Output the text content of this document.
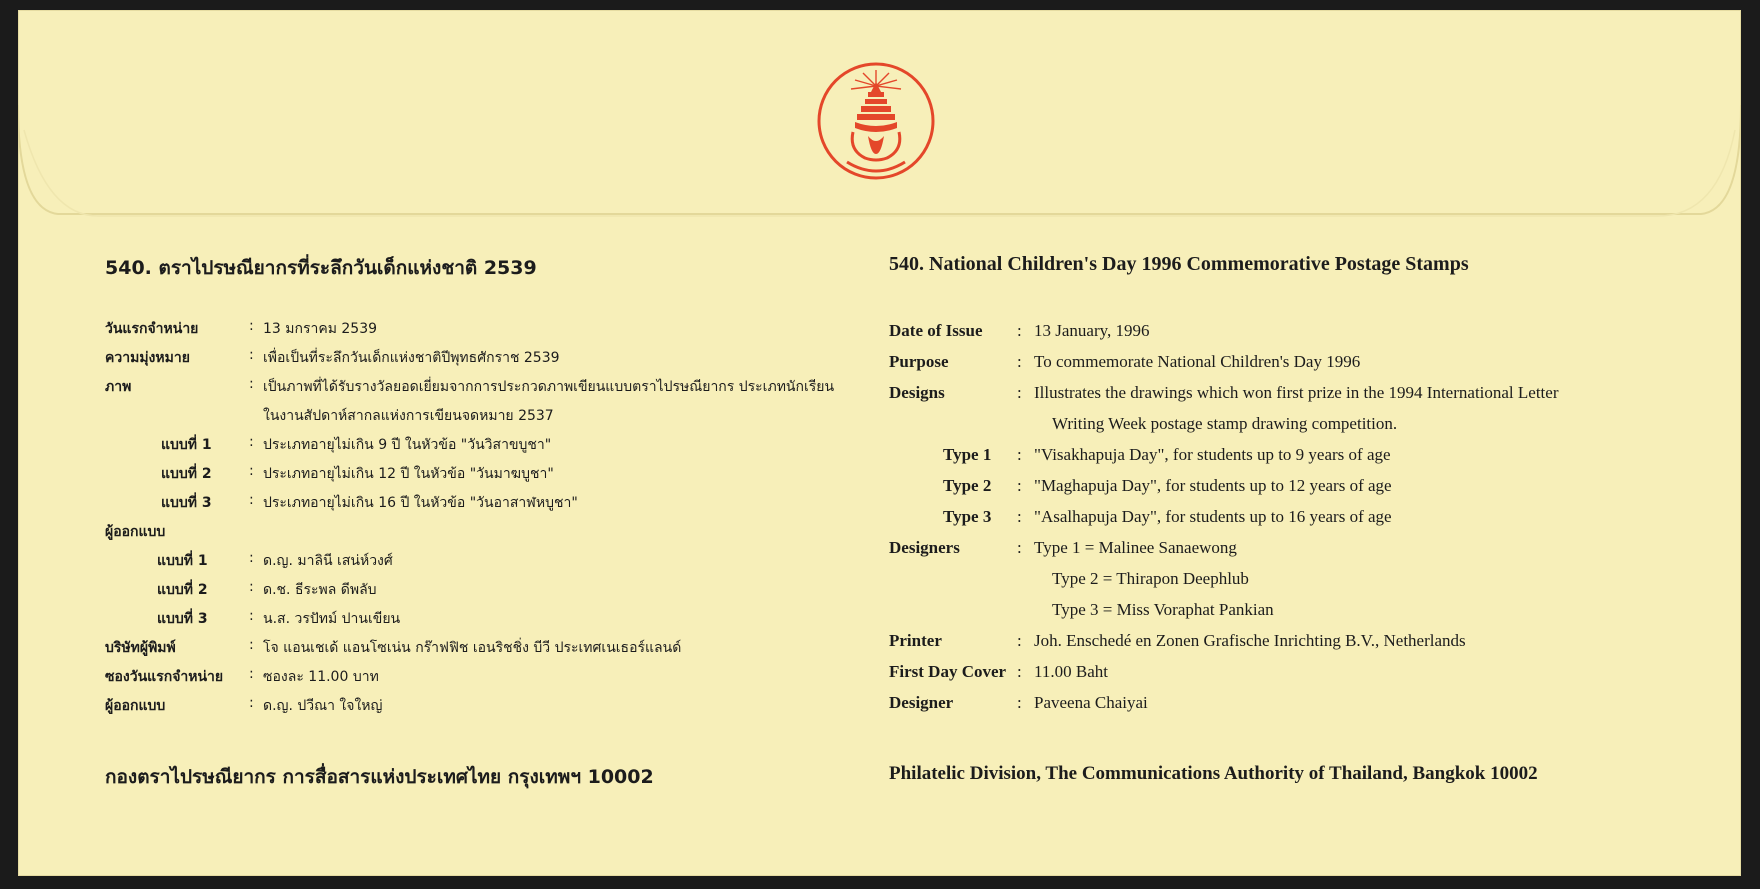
540. ตราไปรษณียากรที่ระลึกวันเด็กแห่งชาติ 2539
วันแรกจำหน่าย	: 13 มกราคม 2539
ความมุ่งหมาย	: เพื่อเป็นที่ระลึกวันเด็กแห่งชาติปีพุทธศักราช 2539
ภาพ	: เป็นภาพที่ได้รับรางวัลยอดเยี่ยมจากการประกวดภาพเขียนแบบตราไปรษณียากร ประเภทนักเรียน
ในงานสัปดาห์สากลแห่งการเขียนจดหมาย 2537
แบบที่ 1	: ประเภทอายุไม่เกิน 9 ปี ในหัวข้อ "วันวิสาขบูชา"
แบบที่ 2	: ประเภทอายุไม่เกิน 12 ปี ในหัวข้อ "วันมาฆบูชา"
แบบที่ 3	: ประเภทอายุไม่เกิน 16 ปี ในหัวข้อ "วันอาสาฬหบูชา"
ผู้ออกแบบ
แบบที่ 1	: ด.ญ. มาลินี เสน่ห์วงศ์
แบบที่ 2	: ด.ช. ธีระพล ดีพลับ
แบบที่ 3	: น.ส. วรปัทม์ ปานเขียน
บริษัทผู้พิมพ์	: โจ แอนเชเด้ แอนโซเน่น กร๊าฟฟิช เอนริชชิ่ง บีวี ประเทศเนเธอร์แลนด์
ซองวันแรกจำหน่าย : ซองละ 11.00 บาท
ผู้ออกแบบ	: ด.ญ. ปวีณา ใจใหญ่
กองตราไปรษณียากร การสื่อสารแห่งประเทศไทย กรุงเทพฯ 10002
540. National Children's Day 1996 Commemorative Postage Stamps
Date of Issue : 13 January, 1996
Purpose	: To commemorate National Children's Day 1996
Designs	: Illustrates the drawings which won first prize in the 1994 International Letter
Writing Week postage stamp drawing competition.
Type 1 : "Visakhapuja Day", for students up to 9 years of age
Type 2 : "Maghapuja Day", for students up to 12 years of age
Type 3 : "Asalhapuja Day", for students up to 16 years of age
Designers	: Type 1 = Malinee Sanaewong
Type 2 = Thirapon Deephlub
Type 3 = Miss Voraphat Pankian
Printer	: Joh. Enschedé en Zonen Grafische Inrichting B.V., Netherlands
First Day Cover : 11.00 Baht
Designer	: Paveena Chaiyai
Philatelic Division, The Communications Authority of Thailand, Bangkok 10002
